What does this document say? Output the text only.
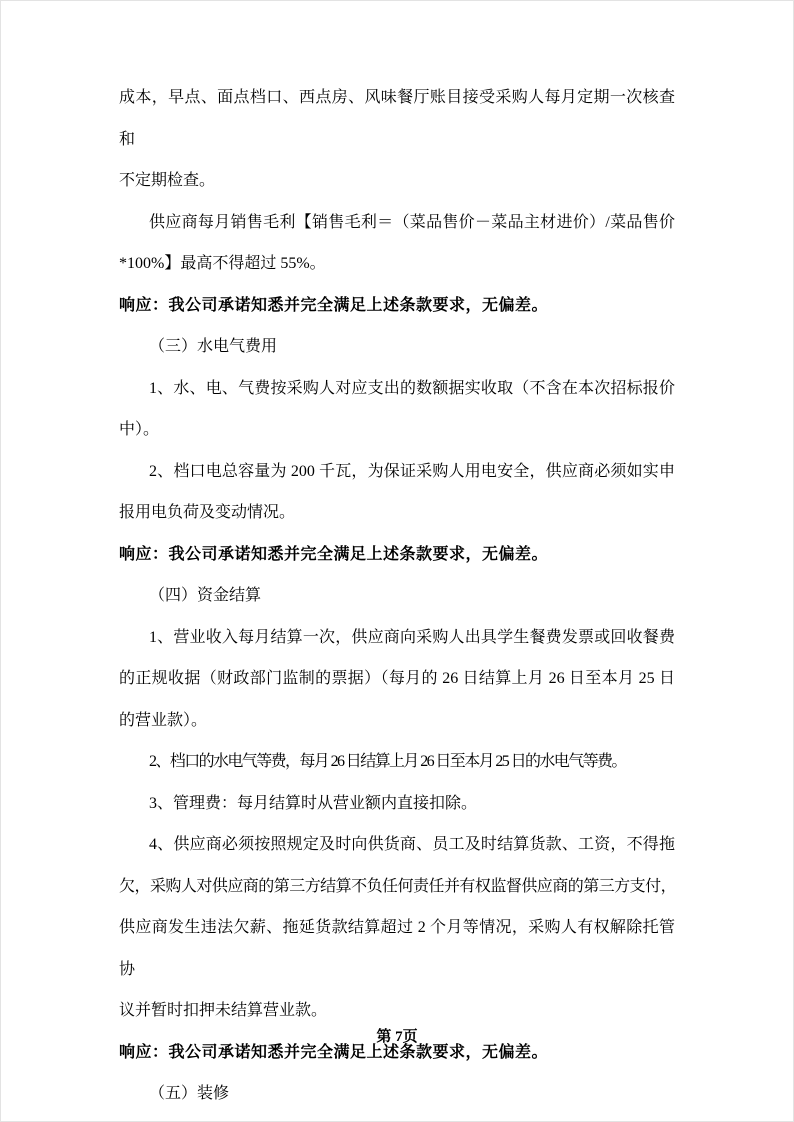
成本，早点、面点档口、西点房、风味餐厅账目接受采购人每月定期一次核查和
不定期检查。
供应商每月销售毛利【销售毛利＝（菜品售价－菜品主材进价）/菜品售价
*100%】最高不得超过 55%。
响应：我公司承诺知悉并完全满足上述条款要求，无偏差。
（三）水电气费用
1、水、电、气费按采购人对应支出的数额据实收取（不含在本次招标报价
中）。
2、档口电总容量为 200 千瓦，为保证采购人用电安全，供应商必须如实申
报用电负荷及变动情况。
响应：我公司承诺知悉并完全满足上述条款要求，无偏差。
（四）资金结算
1、营业收入每月结算一次，供应商向采购人出具学生餐费发票或回收餐费
的正规收据（财政部门监制的票据）（每月的 26 日结算上月 26 日至本月 25 日
的营业款）。
2、档口的水电气等费，每月 26 日结算上月 26 日至本月 25 日的水电气等费。
3、管理费：每月结算时从营业额内直接扣除。
4、供应商必须按照规定及时向供货商、员工及时结算货款、工资，不得拖
欠，采购人对供应商的第三方结算不负任何责任并有权监督供应商的第三方支付，
供应商发生违法欠薪、拖延货款结算超过 2 个月等情况，采购人有权解除托管协
议并暂时扣押未结算营业款。
响应：我公司承诺知悉并完全满足上述条款要求，无偏差。
（五）装修
第 7页
